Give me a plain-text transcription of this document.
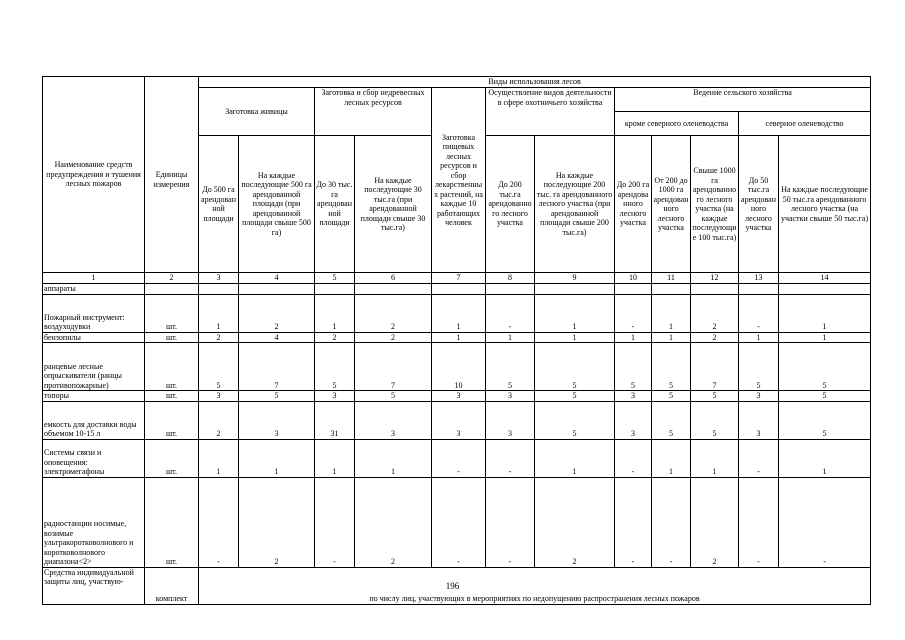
Наименование средств предупреждения и тушения лесных пожаров		Виды использования лесов											
	Единицы измерения	Заготовка живицы		Заготовка и сбор недревесных лесных ресурсов		Заготовка пищевых лесных ресурсов и сбор лекарственных растений, на каждые 10 работающих человек	Осуществление видов деятельности в сфере охотничьего хозяйства		Ведение сельского хозяйства				
									кроме северного оленеводства			северное оленеводство	
		До 500 га арендованной площади	На каждые последующие 500 га арендованной площади (при арендованной площади свыше 500 га)	До 30 тыс. га арендованной площади	На каждые последующие 30 тыс.га (при арендованной площади свыше 30 тыс.га)		До 200 тыс.га арендованного лесного участка	На каждые последующие 200 тыс. га арендованного лесного участка (при арендованной площади свыше 200 тыс.га)	До 200 га арендованного лесного участка	От 200 до 1000 га арендованного лесного участка	Свыше 1000 га арендованного лесного участка (на каждые последующие 100 тыс.га)	До 50 тыс.га арендованного лесного участка	На каждые последующие 50 тыс.га арендованного лесного участка (на участки свыше 50 тыс.га)
1	2	3	4	5	6	7	8	9	10	11	12	13	14
аппараты													
Пожарный инструмент: воздуходувки	шт.	1	2	1	2	1	-	1	-	1	2	-	1
бензопилы	шт.	2	4	2	2	1	1	1	1	1	2	1	1
ранцевые лесные опрыскиватели (ранцы противопожарные)	шт.	5	7	5	7	10	5	5	5	5	7	5	5
топоры	шт.	3	5	3	5	3	3	5	3	5	5	3	5
емкость для доставки воды объемом 10-15 л	шт.	2	3	31	3	3	3	5	3	5	5	3	5
Системы связи и оповещения: электромегафоны	шт.	1	1	1	1	-	-	1	-	1	1	-	1
радиостанции носимые, возимые ультракоротковолнового и коротковолнового диапазона<2>	шт.	-	2	-	2	-	-	2	-	-	2	-	-
Средства индивидуальной защиты лиц, участвую-	комплект	по числу лиц, участвующих в мероприятиях по недопущению распространения лесных пожаров											
196
